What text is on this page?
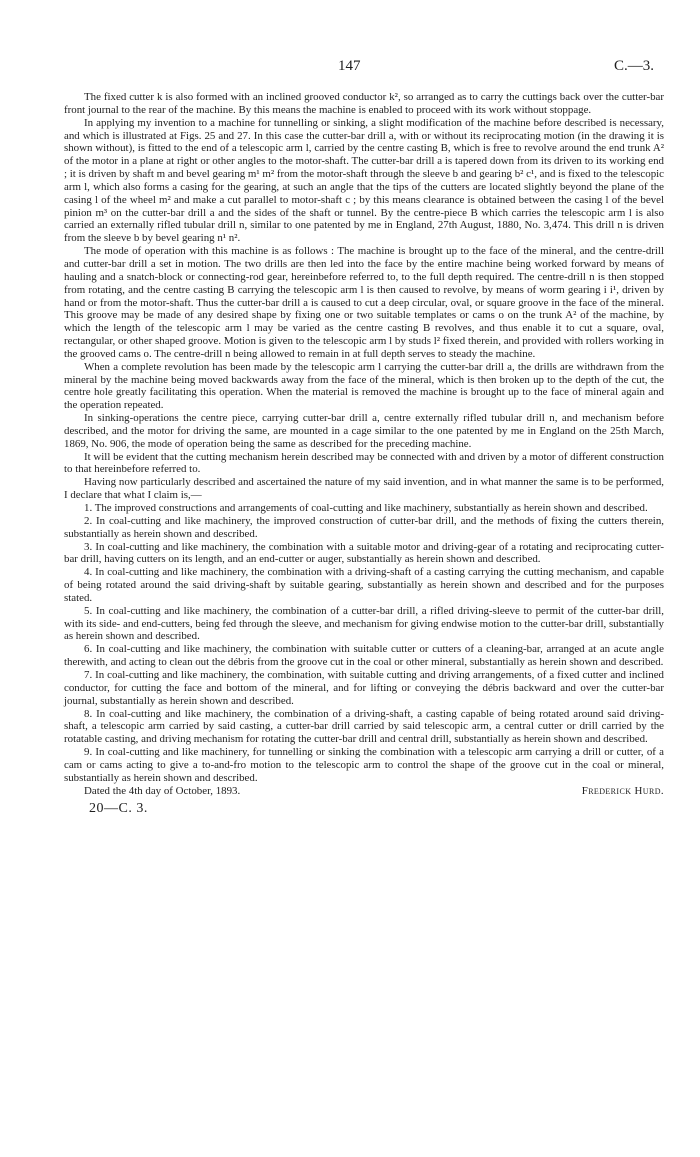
147	C.—3.

The fixed cutter k is also formed with an inclined grooved conductor k², so arranged as to carry the cuttings back over the cutter-bar front journal to the rear of the machine. By this means the machine is enabled to proceed with its work without stoppage.

In applying my invention to a machine for tunnelling or sinking, a slight modification of the machine before described is necessary, and which is illustrated at Figs. 25 and 27. In this case the cutter-bar drill a, with or without its reciprocating motion (in the drawing it is shown without), is fitted to the end of a telescopic arm l, carried by the centre casting B, which is free to revolve around the end trunk A² of the motor in a plane at right or other angles to the motor-shaft. The cutter-bar drill a is tapered down from its driven to its working end ; it is driven by shaft m and bevel gearing m¹ m² from the motor-shaft through the sleeve b and gearing b² c¹, and is fixed to the telescopic arm l, which also forms a casing for the gearing, at such an angle that the tips of the cutters are located slightly beyond the plane of the casing l of the wheel m² and make a cut parallel to motor-shaft c ; by this means clearance is obtained between the casing l of the bevel pinion m³ on the cutter-bar drill a and the sides of the shaft or tunnel. By the centre-piece B which carries the telescopic arm l is also carried an externally rifled tubular drill n, similar to one patented by me in England, 27th August, 1880, No. 3,474. This drill n is driven from the sleeve b by bevel gearing n¹ n².

The mode of operation with this machine is as follows : The machine is brought up to the face of the mineral, and the centre-drill and cutter-bar drill a set in motion. The two drills are then led into the face by the entire machine being worked forward by means of hauling and a snatch-block or connecting-rod gear, hereinbefore referred to, to the full depth required. The centre-drill n is then stopped from rotating, and the centre casting B carrying the telescopic arm l is then caused to revolve, by means of worm gearing i i¹, driven by hand or from the motor-shaft. Thus the cutter-bar drill a is caused to cut a deep circular, oval, or square groove in the face of the mineral. This groove may be made of any desired shape by fixing one or two suitable templates or cams o on the trunk A² of the machine, by which the length of the telescopic arm l may be varied as the centre casting B revolves, and thus enable it to cut a square, oval, rectangular, or other shaped groove. Motion is given to the telescopic arm l by studs l² fixed therein, and provided with rollers working in the grooved cams o. The centre-drill n being allowed to remain in at full depth serves to steady the machine.

When a complete revolution has been made by the telescopic arm l carrying the cutter-bar drill a, the drills are withdrawn from the mineral by the machine being moved backwards away from the face of the mineral, which is then broken up to the depth of the cut, the centre hole greatly facilitating this operation. When the material is removed the machine is brought up to the face of mineral again and the operation repeated.

In sinking-operations the centre piece, carrying cutter-bar drill a, centre externally rifled tubular drill n, and mechanism before described, and the motor for driving the same, are mounted in a cage similar to the one patented by me in England on the 25th March, 1869, No. 906, the mode of operation being the same as described for the preceding machine.

It will be evident that the cutting mechanism herein described may be connected with and driven by a motor of different construction to that hereinbefore referred to.

Having now particularly described and ascertained the nature of my said invention, and in what manner the same is to be performed, I declare that what I claim is,—

1. The improved constructions and arrangements of coal-cutting and like machinery, substantially as herein shown and described.

2. In coal-cutting and like machinery, the improved construction of cutter-bar drill, and the methods of fixing the cutters therein, substantially as herein shown and described.

3. In coal-cutting and like machinery, the combination with a suitable motor and driving-gear of a rotating and reciprocating cutter-bar drill, having cutters on its length, and an end-cutter or auger, substantially as herein shown and described.

4. In coal-cutting and like machinery, the combination with a driving-shaft of a casting carrying the cutting mechanism, and capable of being rotated around the said driving-shaft by suitable gearing, substantially as herein shown and described and for the purposes stated.

5. In coal-cutting and like machinery, the combination of a cutter-bar drill, a rifled driving-sleeve to permit of the cutter-bar drill, with its side- and end-cutters, being fed through the sleeve, and mechanism for giving endwise motion to the cutter-bar drill, substantially as herein shown and described.

6. In coal-cutting and like machinery, the combination with suitable cutter or cutters of a cleaning-bar, arranged at an acute angle therewith, and acting to clean out the débris from the groove cut in the coal or other mineral, substantially as herein shown and described.

7. In coal-cutting and like machinery, the combination, with suitable cutting and driving arrangements, of a fixed cutter and inclined conductor, for cutting the face and bottom of the mineral, and for lifting or conveying the débris backward and over the cutter-bar journal, substantially as herein shown and described.

8. In coal-cutting and like machinery, the combination of a driving-shaft, a casting capable of being rotated around said driving-shaft, a telescopic arm carried by said casting, a cutter-bar drill carried by said telescopic arm, a central cutter or drill carried by the rotatable casting, and driving mechanism for rotating the cutter-bar drill and central drill, substantially as herein shown and described.

9. In coal-cutting and like machinery, for tunnelling or sinking the combination with a telescopic arm carrying a drill or cutter, of a cam or cams acting to give a to-and-fro motion to the telescopic arm to control the shape of the groove cut in the coal or mineral, substantially as herein shown and described.

Dated the 4th day of October, 1893.	Frederick Hurd.
20—C. 3.
